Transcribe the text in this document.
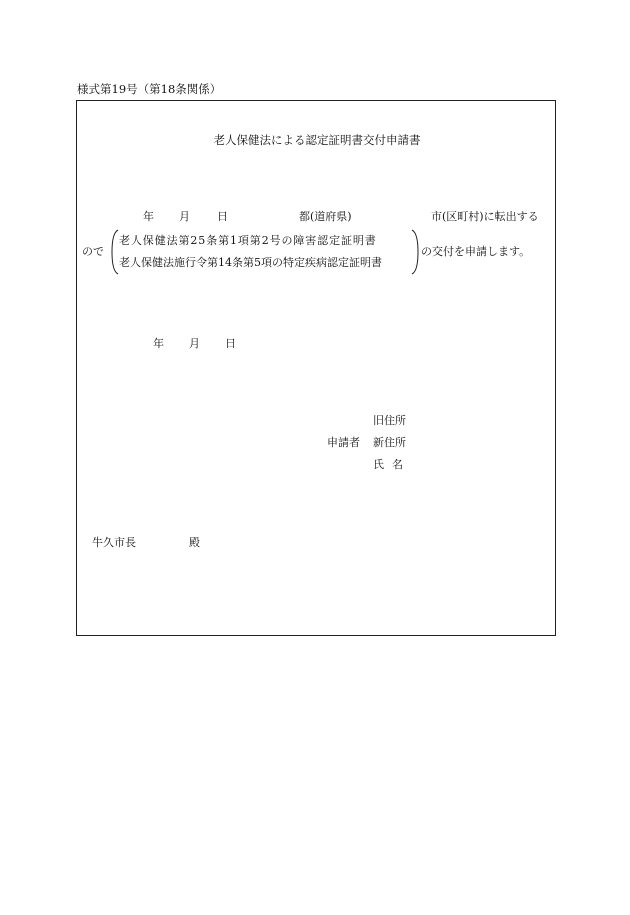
様式第19号（第18条関係）
老人保健法による認定証明書交付申請書
年 月 日	都(道府県)	市(区町村)に転出する
ので
老人保健法第25条第1項第2号の障害認定証明書
老人保健法施行令第14条第5項の特定疾病認定証明書
の交付を申請します。
年 月 日
旧住所
申請者 新住所
氏名
牛久市長	殿
